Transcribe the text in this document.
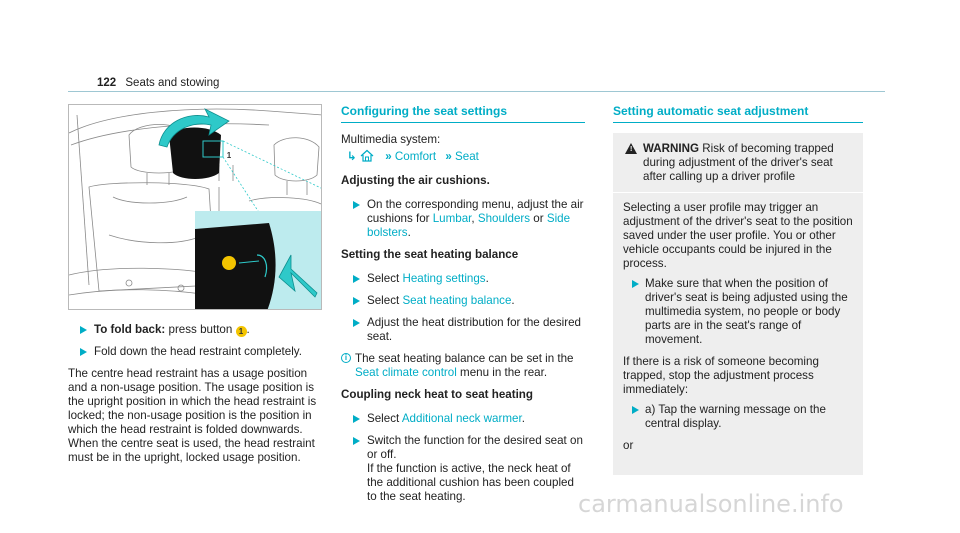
122 Seats and stowing
1
To fold back: press button 1 .
Fold down the head restraint completely.

The centre head restraint has a usage position and a non-usage position. The usage position is the upright position in which the head restraint is locked; the non-usage position is the position in which the head restraint is folded downwards. When the centre seat is used, the head restraint must be in the upright, locked usage position.

Configuring the seat settings

Multimedia system:

↳ » Comfort » Seat
Adjusting the air cushions.
On the corresponding menu, adjust the air cushions for Lumbar, Shoulders or Side bolsters.
Setting the seat heating balance
Select Heating settings.
Select Seat heating balance.
Adjust the heat distribution for the desired seat.
i The seat heating balance can be set in the Seat climate control menu in the rear.
Coupling neck heat to seat heating
Select Additional neck warmer.
Switch the function for the desired seat on or off.
If the function is active, the neck heat of the additional cushion has been coupled to the seat heating.
Setting automatic seat adjustment
! WARNING Risk of becoming trapped during adjustment of the driver's seat after calling up a driver profile

Selecting a user profile may trigger an adjustment of the driver's seat to the position saved under the user profile. You or other vehicle occupants could be injured in the process.

Make sure that when the position of driver's seat is being adjusted using the multimedia system, no people or body parts are in the seat's range of movement.

If there is a risk of someone becoming trapped, stop the adjustment process immediately:

a) Tap the warning message on the central display.

or

carmanualsonline.info
